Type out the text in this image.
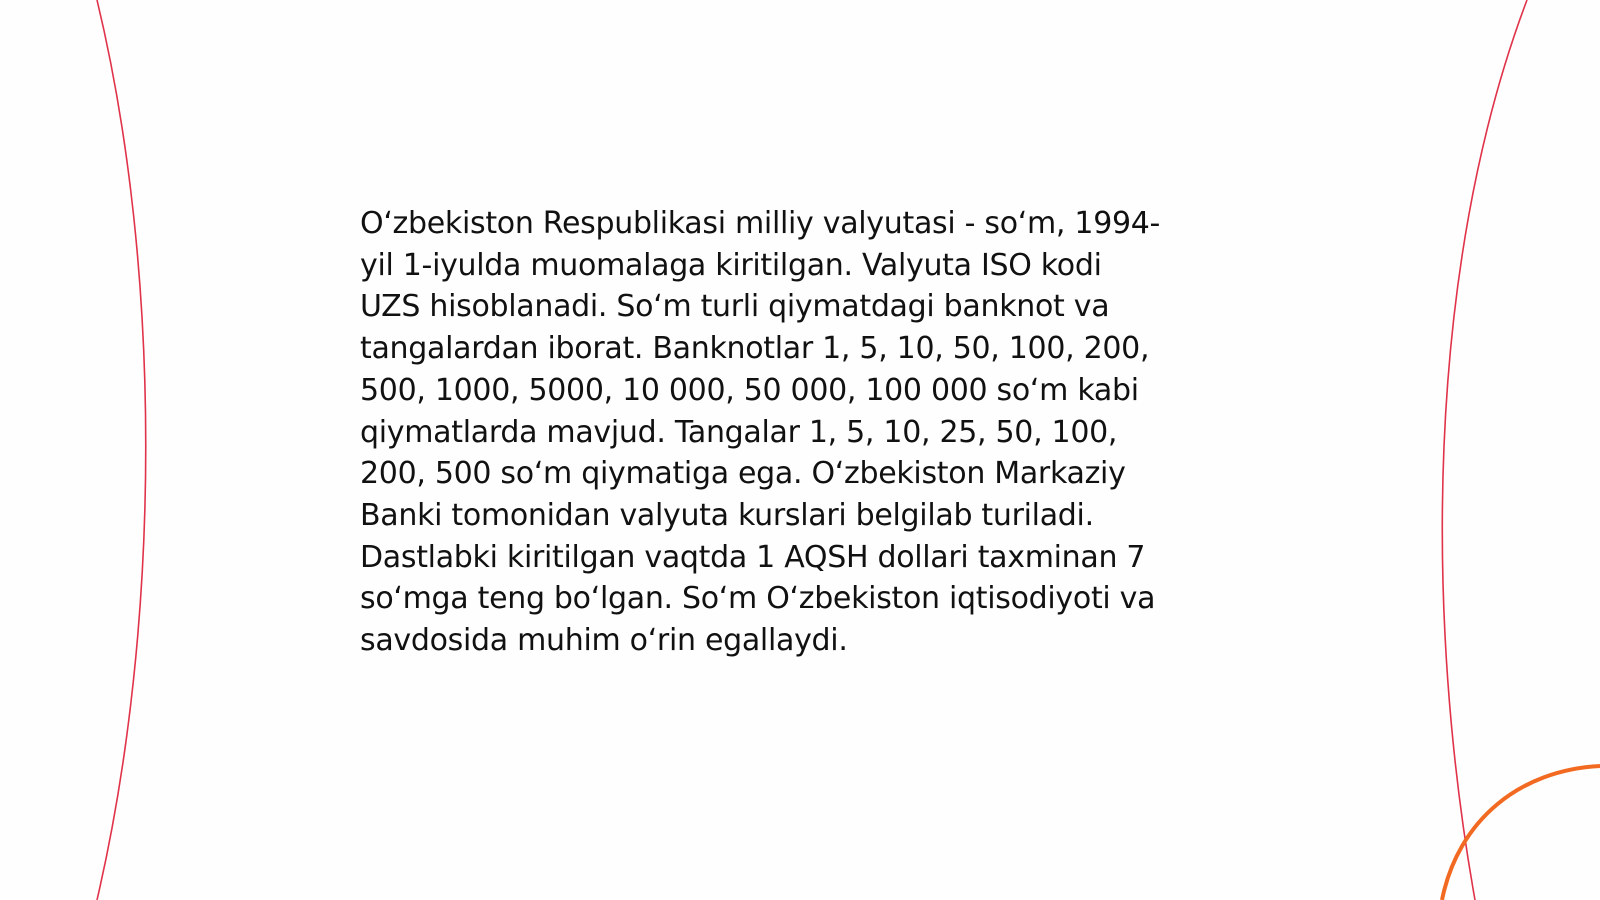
Oʻzbekiston Respublikasi milliy valyutasi - soʻm, 1994-
yil 1-iyulda muomalaga kiritilgan. Valyuta ISO kodi
UZS hisoblanadi. Soʻm turli qiymatdagi banknot va
tangalardan iborat. Banknotlar 1, 5, 10, 50, 100, 200,
500, 1000, 5000, 10 000, 50 000, 100 000 soʻm kabi
qiymatlarda mavjud. Tangalar 1, 5, 10, 25, 50, 100,
200, 500 soʻm qiymatiga ega. Oʻzbekiston Markaziy
Banki tomonidan valyuta kurslari belgilab turiladi.
Dastlabki kiritilgan vaqtda 1 AQSH dollari taxminan 7
soʻmga teng boʻlgan. Soʻm Oʻzbekiston iqtisodiyoti va
savdosida muhim oʻrin egallaydi.
